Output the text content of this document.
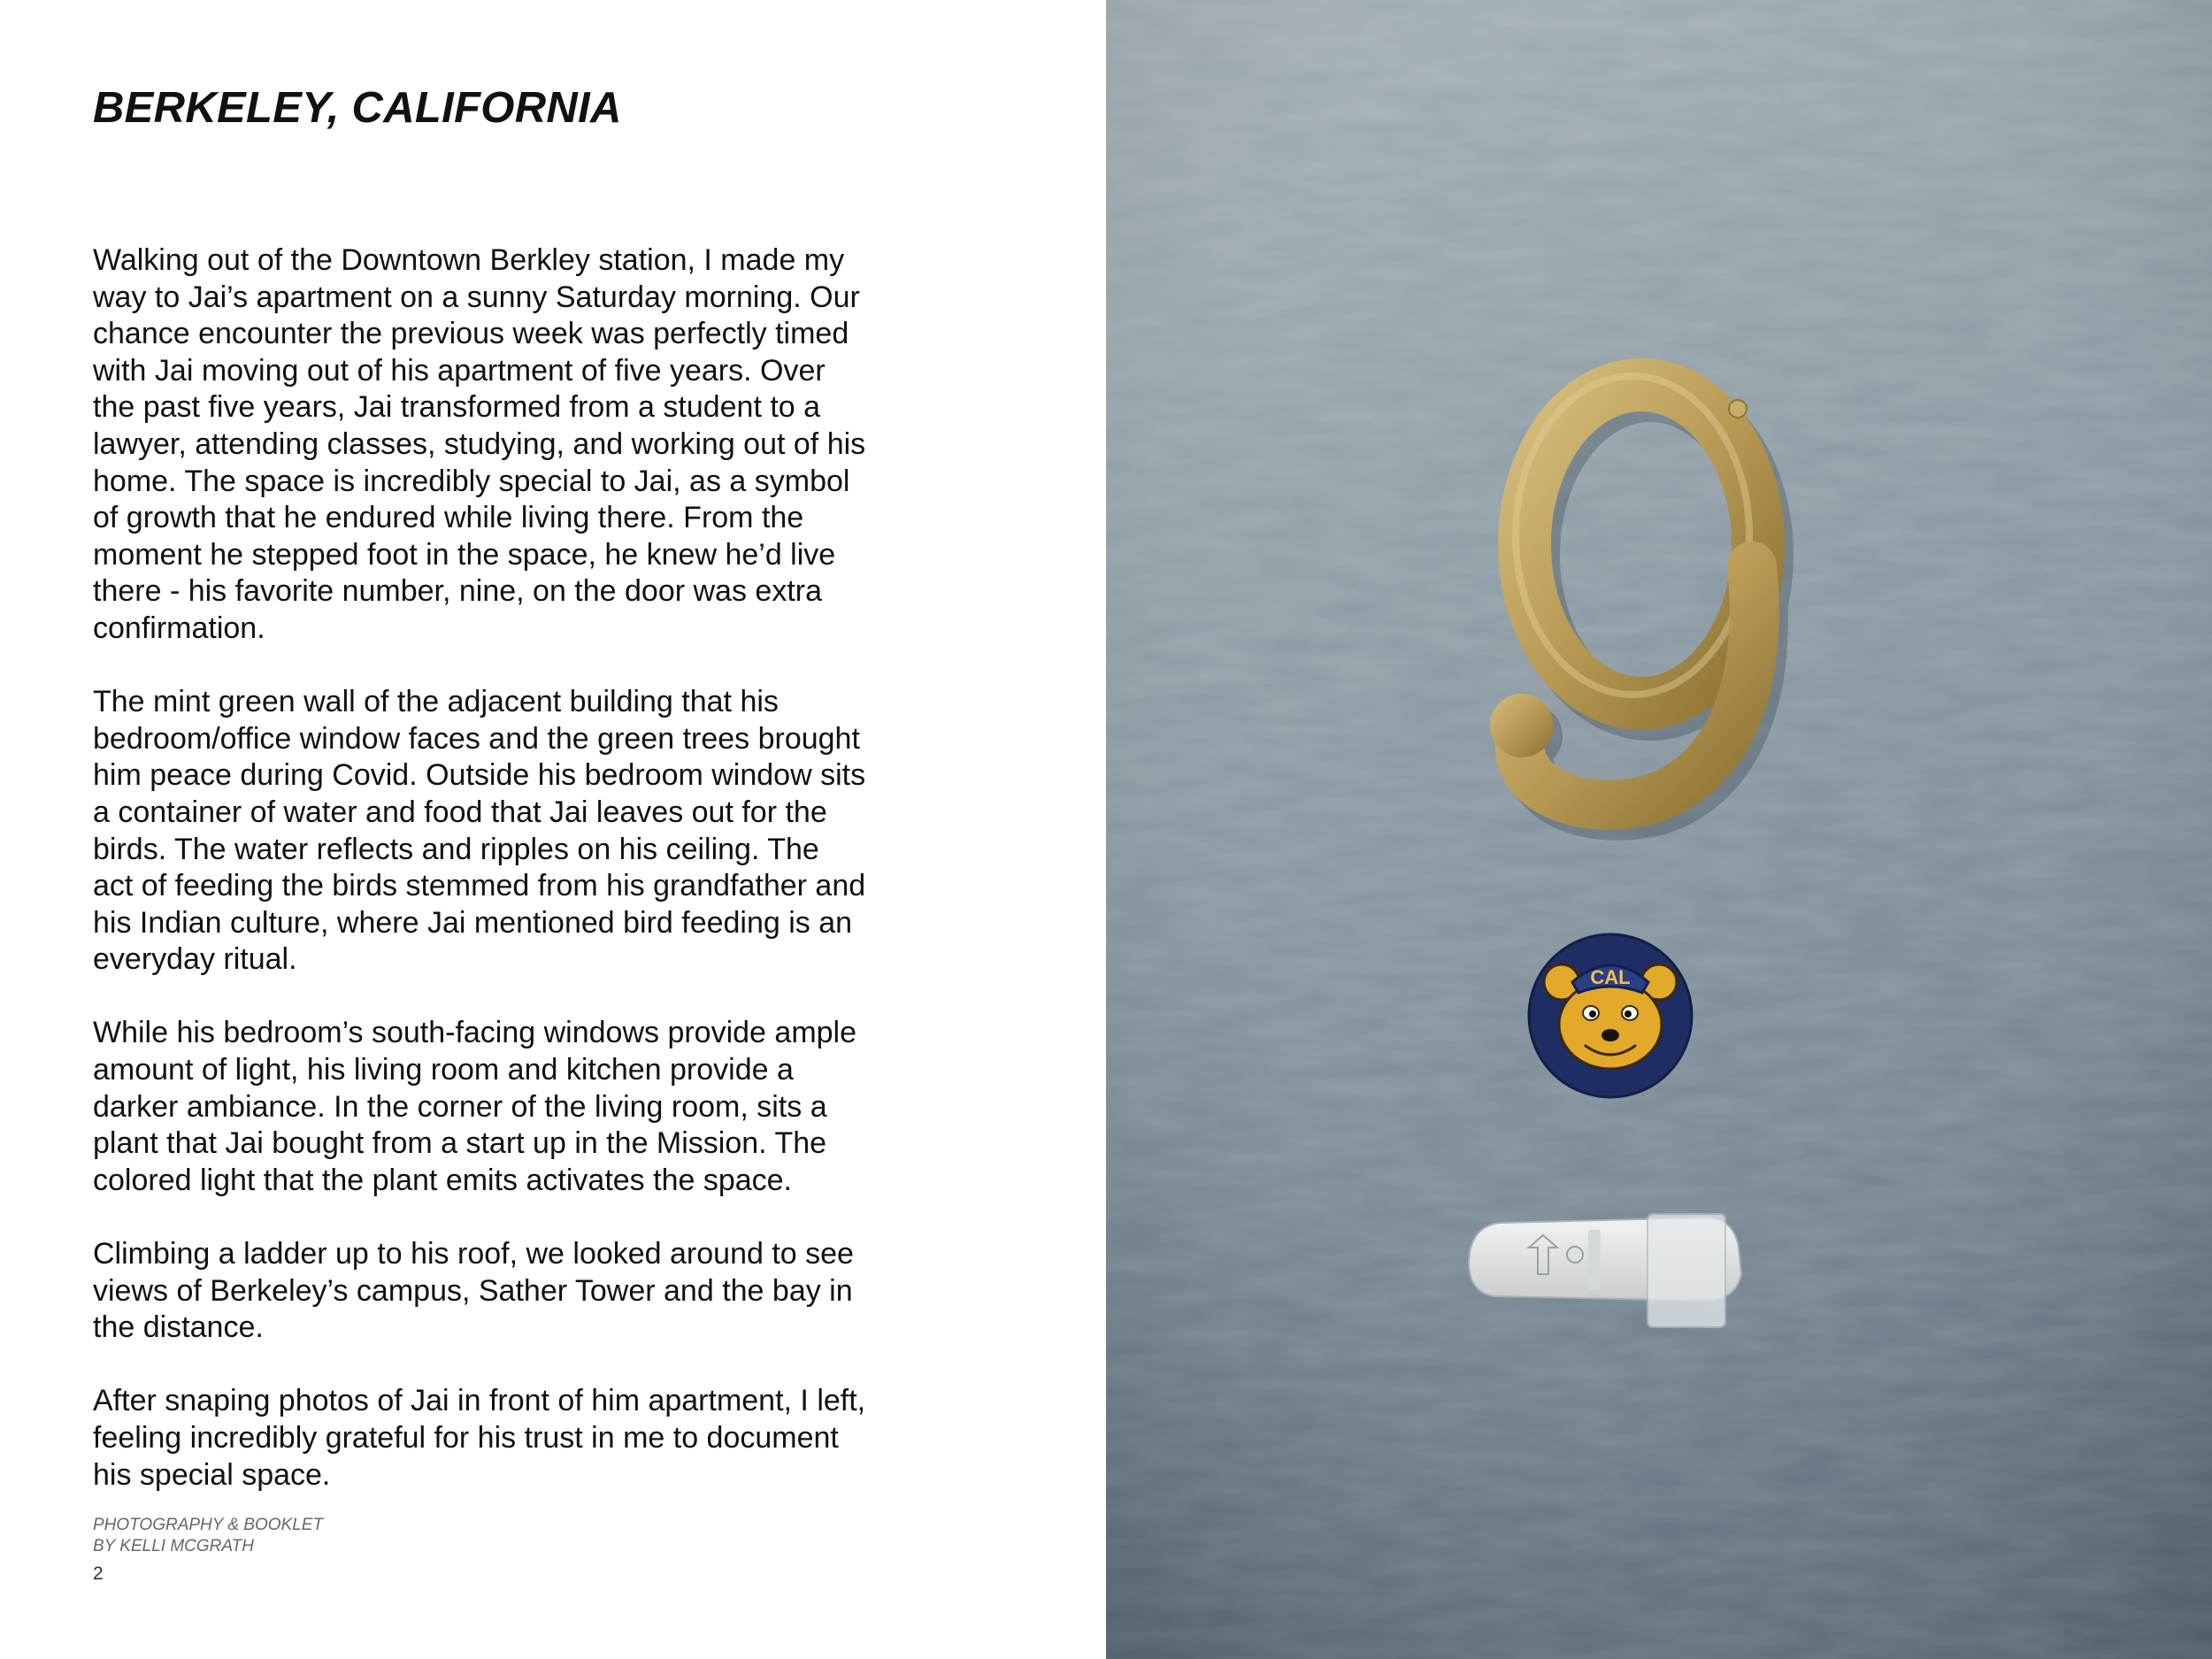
BERKELEY, CALIFORNIA

Walking out of the Downtown Berkley station, I made my
way to Jai’s apartment on a sunny Saturday morning. Our
chance encounter the previous week was perfectly timed
with Jai moving out of his apartment of five years. Over
the past five years, Jai transformed from a student to a
lawyer, attending classes, studying, and working out of his
home. The space is incredibly special to Jai, as a symbol
of growth that he endured while living there. From the
moment he stepped foot in the space, he knew he’d live
there - his favorite number, nine, on the door was extra
confirmation.

The mint green wall of the adjacent building that his
bedroom/office window faces and the green trees brought
him peace during Covid. Outside his bedroom window sits
a container of water and food that Jai leaves out for the
birds. The water reflects and ripples on his ceiling. The
act of feeding the birds stemmed from his grandfather and
his Indian culture, where Jai mentioned bird feeding is an
everyday ritual.

While his bedroom’s south-facing windows provide ample
amount of light, his living room and kitchen provide a
darker ambiance. In the corner of the living room, sits a
plant that Jai bought from a start up in the Mission. The
colored light that the plant emits activates the space.

Climbing a ladder up to his roof, we looked around to see
views of Berkeley’s campus, Sather Tower and the bay in
the distance.

After snaping photos of Jai in front of him apartment, I left,
feeling incredibly grateful for his trust in me to document
his special space.

PHOTOGRAPHY & BOOKLET
BY KELLI MCGRATH
2
CAL
